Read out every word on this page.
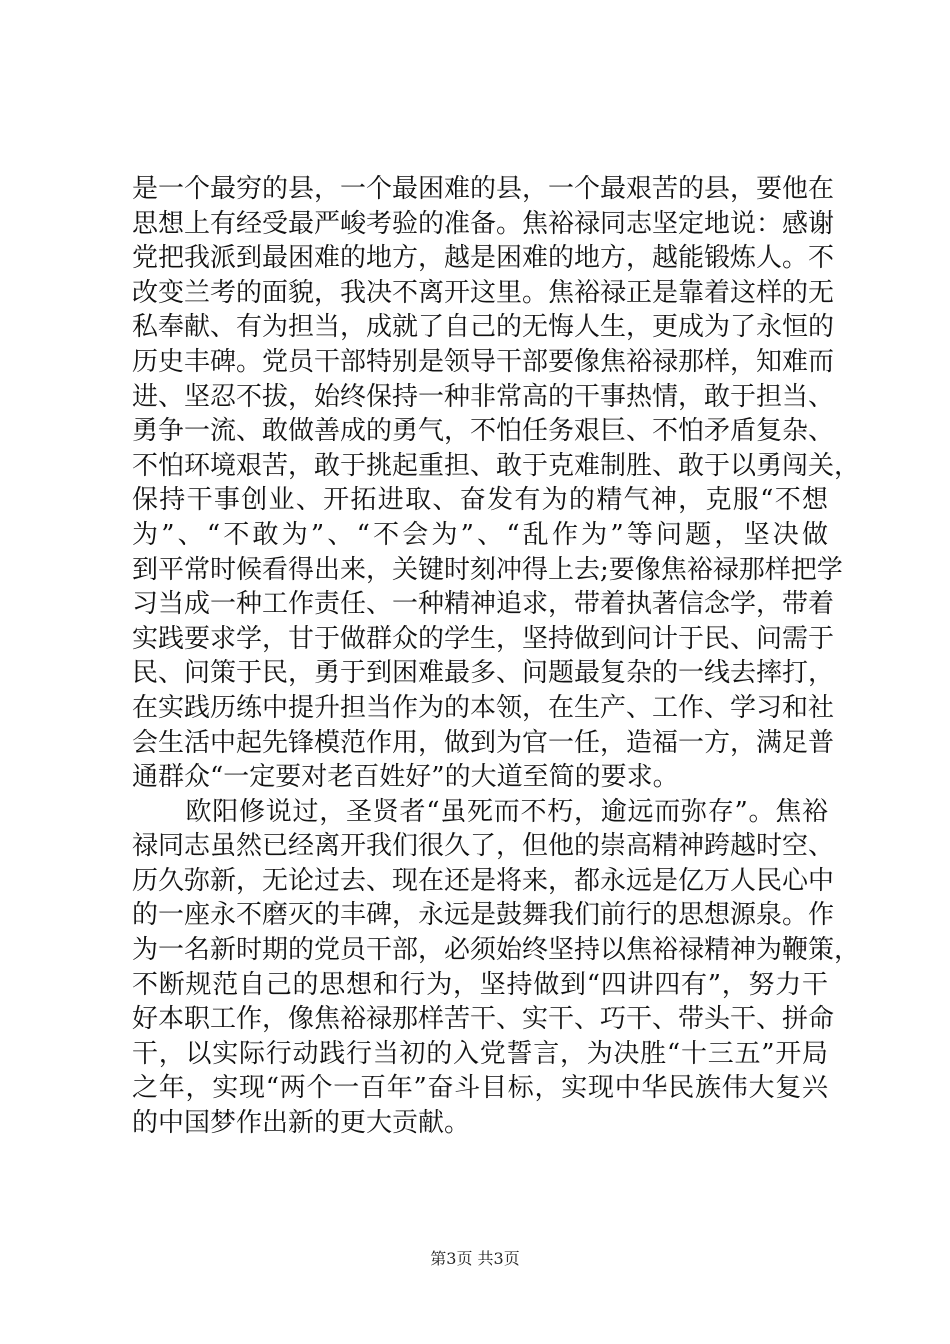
是一个最穷的县，一个最困难的县，一个最艰苦的县，要他在
思想上有经受最严峻考验的准备。焦裕禄同志坚定地说：感谢
党把我派到最困难的地方，越是困难的地方，越能锻炼人。不
改变兰考的面貌，我决不离开这里。焦裕禄正是靠着这样的无
私奉献、有为担当，成就了自己的无悔人生，更成为了永恒的
历史丰碑。党员干部特别是领导干部要像焦裕禄那样，知难而
进、坚忍不拔，始终保持一种非常高的干事热情，敢于担当、
勇争一流、敢做善成的勇气，不怕任务艰巨、不怕矛盾复杂、
不怕环境艰苦，敢于挑起重担、敢于克难制胜、敢于以勇闯关，
保持干事创业、开拓进取、奋发有为的精气神，克服“不想
为”、“不敢为”、“不会为”、“乱作为”等问题，坚决做
到平常时候看得出来，关键时刻冲得上去;要像焦裕禄那样把学
习当成一种工作责任、一种精神追求，带着执著信念学，带着
实践要求学，甘于做群众的学生，坚持做到问计于民、问需于
民、问策于民，勇于到困难最多、问题最复杂的一线去摔打，
在实践历练中提升担当作为的本领，在生产、工作、学习和社
会生活中起先锋模范作用，做到为官一任，造福一方，满足普
通群众“一定要对老百姓好”的大道至简的要求。
　　欧阳修说过，圣贤者“虽死而不朽，逾远而弥存”。焦裕
禄同志虽然已经离开我们很久了，但他的崇高精神跨越时空、
历久弥新，无论过去、现在还是将来，都永远是亿万人民心中
的一座永不磨灭的丰碑，永远是鼓舞我们前行的思想源泉。作
为一名新时期的党员干部，必须始终坚持以焦裕禄精神为鞭策，
不断规范自己的思想和行为，坚持做到“四讲四有”，努力干
好本职工作，像焦裕禄那样苦干、实干、巧干、带头干、拼命
干，以实际行动践行当初的入党誓言，为决胜“十三五”开局
之年，实现“两个一百年”奋斗目标，实现中华民族伟大复兴
的中国梦作出新的更大贡献。
第3页 共3页
